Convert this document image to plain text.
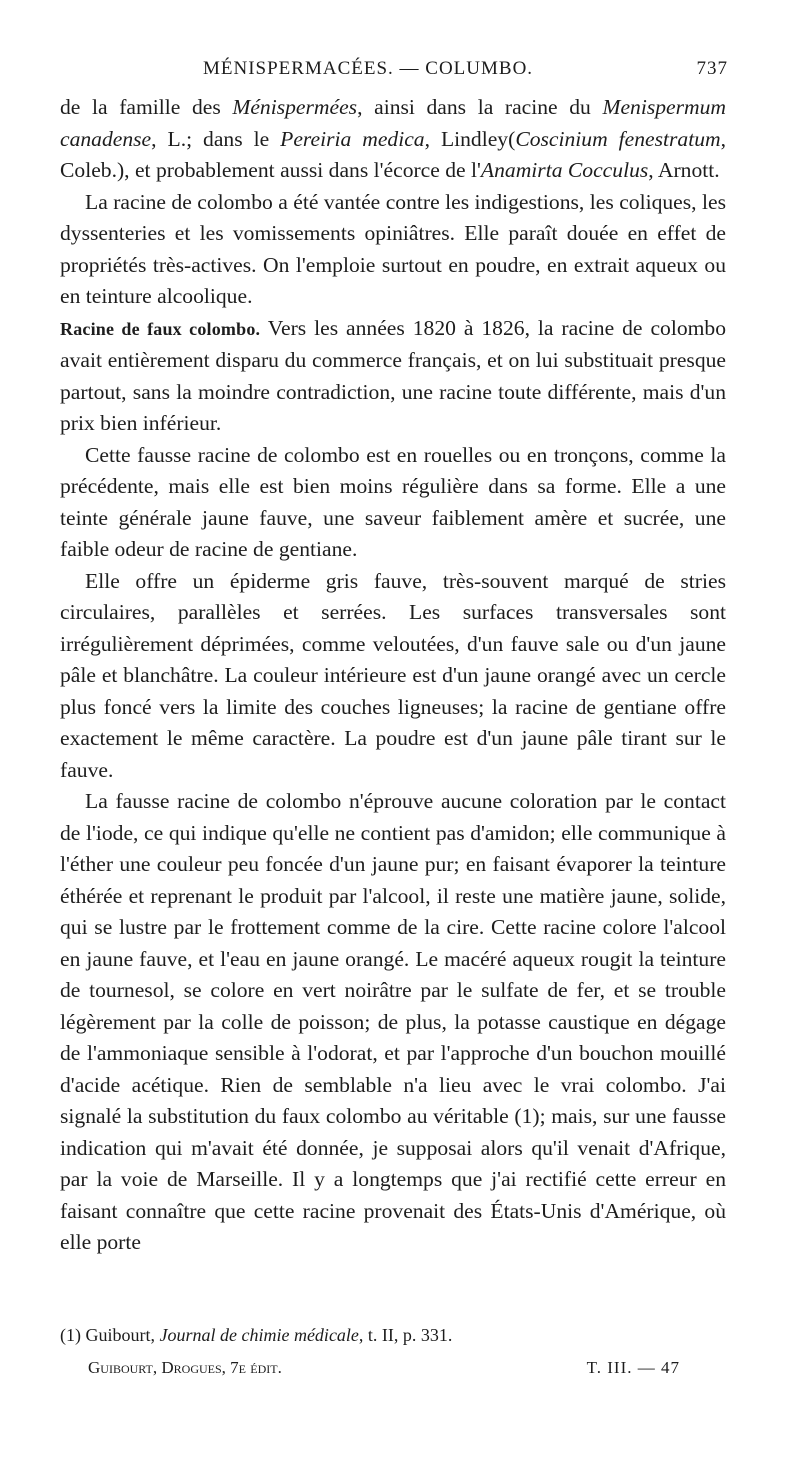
MÉNISPERMACÉES. — COLUMBO.	737

de la famille des Ménispermées, ainsi dans la racine du Menispermum canadense, L.; dans le Pereiria medica, Lindley(Coscinium fenestratum, Coleb.), et probablement aussi dans l'écorce de l'Anamirta Cocculus, Arnott.

La racine de colombo a été vantée contre les indigestions, les coliques, les dyssenteries et les vomissements opiniâtres. Elle paraît douée en effet de propriétés très-actives. On l'emploie surtout en poudre, en extrait aqueux ou en teinture alcoolique.

Racine de faux colombo. Vers les années 1820 à 1826, la racine de colombo avait entièrement disparu du commerce français, et on lui substituait presque partout, sans la moindre contradiction, une racine toute différente, mais d'un prix bien inférieur.

Cette fausse racine de colombo est en rouelles ou en tronçons, comme la précédente, mais elle est bien moins régulière dans sa forme. Elle a une teinte générale jaune fauve, une saveur faiblement amère et sucrée, une faible odeur de racine de gentiane.

Elle offre un épiderme gris fauve, très-souvent marqué de stries circulaires, parallèles et serrées. Les surfaces transversales sont irrégulièrement déprimées, comme veloutées, d'un fauve sale ou d'un jaune pâle et blanchâtre. La couleur intérieure est d'un jaune orangé avec un cercle plus foncé vers la limite des couches ligneuses; la racine de gentiane offre exactement le même caractère. La poudre est d'un jaune pâle tirant sur le fauve.

La fausse racine de colombo n'éprouve aucune coloration par le contact de l'iode, ce qui indique qu'elle ne contient pas d'amidon; elle communique à l'éther une couleur peu foncée d'un jaune pur; en faisant évaporer la teinture éthérée et reprenant le produit par l'alcool, il reste une matière jaune, solide, qui se lustre par le frottement comme de la cire. Cette racine colore l'alcool en jaune fauve, et l'eau en jaune orangé. Le macéré aqueux rougit la teinture de tournesol, se colore en vert noirâtre par le sulfate de fer, et se trouble légèrement par la colle de poisson; de plus, la potasse caustique en dégage de l'ammoniaque sensible à l'odorat, et par l'approche d'un bouchon mouillé d'acide acétique. Rien de semblable n'a lieu avec le vrai colombo. J'ai signalé la substitution du faux colombo au véritable (1); mais, sur une fausse indication qui m'avait été donnée, je supposai alors qu'il venait d'Afrique, par la voie de Marseille. Il y a longtemps que j'ai rectifié cette erreur en faisant connaître que cette racine provenait des États-Unis d'Amérique, où elle porte

(1) Guibourt, Journal de chimie médicale, t. II, p. 331.
Guibourt, Drogues, 7e édit.	T. III. — 47
